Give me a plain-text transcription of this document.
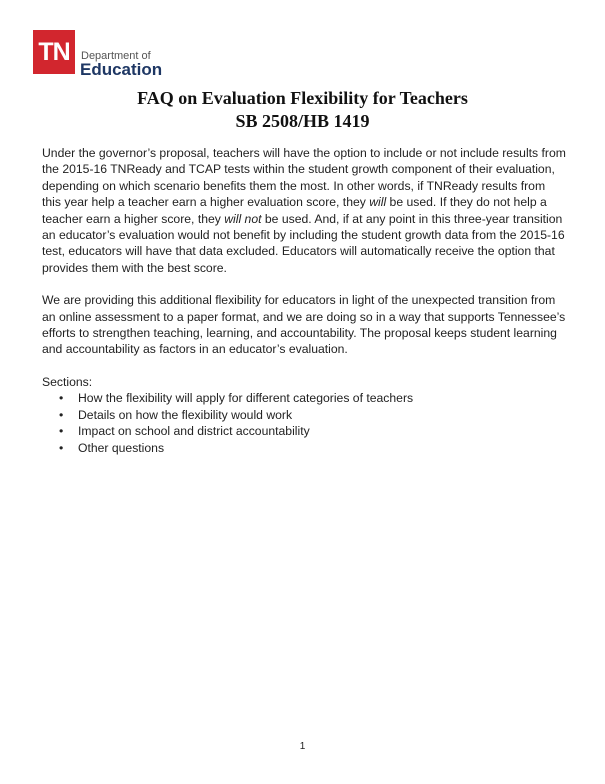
TN	Department of
Education
FAQ on Evaluation Flexibility for Teachers
SB 2508/HB 1419

Under the governor’s proposal, teachers will have the option to include or not include results from the 2015-16 TNReady and TCAP tests within the student growth component of their evaluation, depending on which scenario benefits them the most. In other words, if TNReady results from this year help a teacher earn a higher evaluation score, they will be used. If they do not help a teacher earn a higher score, they will not be used. And, if at any point in this three-year transition an educator’s evaluation would not benefit by including the student growth data from the 2015-16 test, educators will have that data excluded. Educators will automatically receive the option that provides them with the best score.

We are providing this additional flexibility for educators in light of the unexpected transition from an online assessment to a paper format, and we are doing so in a way that supports Tennessee’s efforts to strengthen teaching, learning, and accountability. The proposal keeps student learning and accountability as factors in an educator’s evaluation.

Sections:

• How the flexibility will apply for different categories of teachers
• Details on how the flexibility would work
• Impact on school and district accountability
• Other questions
1
